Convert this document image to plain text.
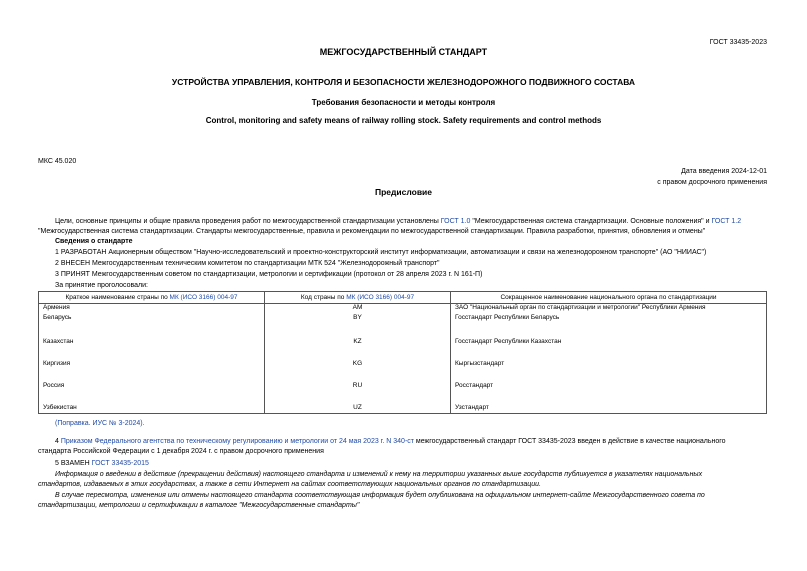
ГОСТ 33435-2023
МЕЖГОСУДАРСТВЕННЫЙ СТАНДАРТ
УСТРОЙСТВА УПРАВЛЕНИЯ, КОНТРОЛЯ И БЕЗОПАСНОСТИ ЖЕЛЕЗНОДОРОЖНОГО ПОДВИЖНОГО СОСТАВА
Требования безопасности и методы контроля
Control, monitoring and safety means of railway rolling stock. Safety requirements and control methods
МКС 45.020
Дата введения 2024-12-01
с правом досрочного применения
Предисловие
Цели, основные принципы и общие правила проведения работ по межгосударственной стандартизации установлены ГОСТ 1.0 "Межгосударственная система стандартизации. Основные положения" и ГОСТ 1.2
"Межгосударственная система стандартизации. Стандарты межгосударственные, правила и рекомендации по межгосударственной стандартизации. Правила разработки, принятия, обновления и отмены"
Сведения о стандарте
1 РАЗРАБОТАН Акционерным обществом "Научно-исследовательский и проектно-конструкторский институт информатизации, автоматизации и связи на железнодорожном транспорте" (АО "НИИАС")
2 ВНЕСЕН Межгосударственным техническим комитетом по стандартизации МТК 524 "Железнодорожный транспорт"
3 ПРИНЯТ Межгосударственным советом по стандартизации, метрологии и сертификации (протокол от 28 апреля 2023 г. N 161-П)
За принятие проголосовали:
Краткое наименование страны по МК (ИСО 3166) 004-97	Код страны по МК (ИСО 3166) 004-97	Сокращенное наименование национального органа по стандартизации
Армения	AM	ЗАО "Национальный орган по стандартизации и метрологии" Республики Армения
Беларусь	BY	Госстандарт Республики Беларусь
Казахстан	KZ	Госстандарт Республики Казахстан
Киргизия	KG	Кыргызстандарт
Россия	RU	Росстандарт
Узбекистан	UZ	Узстандарт
(Поправка. ИУС № 3-2024).
4 Приказом Федерального агентства по техническому регулированию и метрологии от 24 мая 2023 г. N 340-ст межгосударственный стандарт ГОСТ 33435-2023 введен в действие в качестве национального
стандарта Российской Федерации с 1 декабря 2024 г. с правом досрочного применения
5 ВЗАМЕН ГОСТ 33435-2015
Информация о введении в действие (прекращении действия) настоящего стандарта и изменений к нему на территории указанных выше государств публикуется в указателях национальных
стандартов, издаваемых в этих государствах, а также в сети Интернет на сайтах соответствующих национальных органов по стандартизации.
В случае пересмотра, изменения или отмены настоящего стандарта соответствующая информация будет опубликована на официальном интернет-сайте Межгосударственного совета по
стандартизации, метрологии и сертификации в каталоге "Межгосударственные стандарты"
